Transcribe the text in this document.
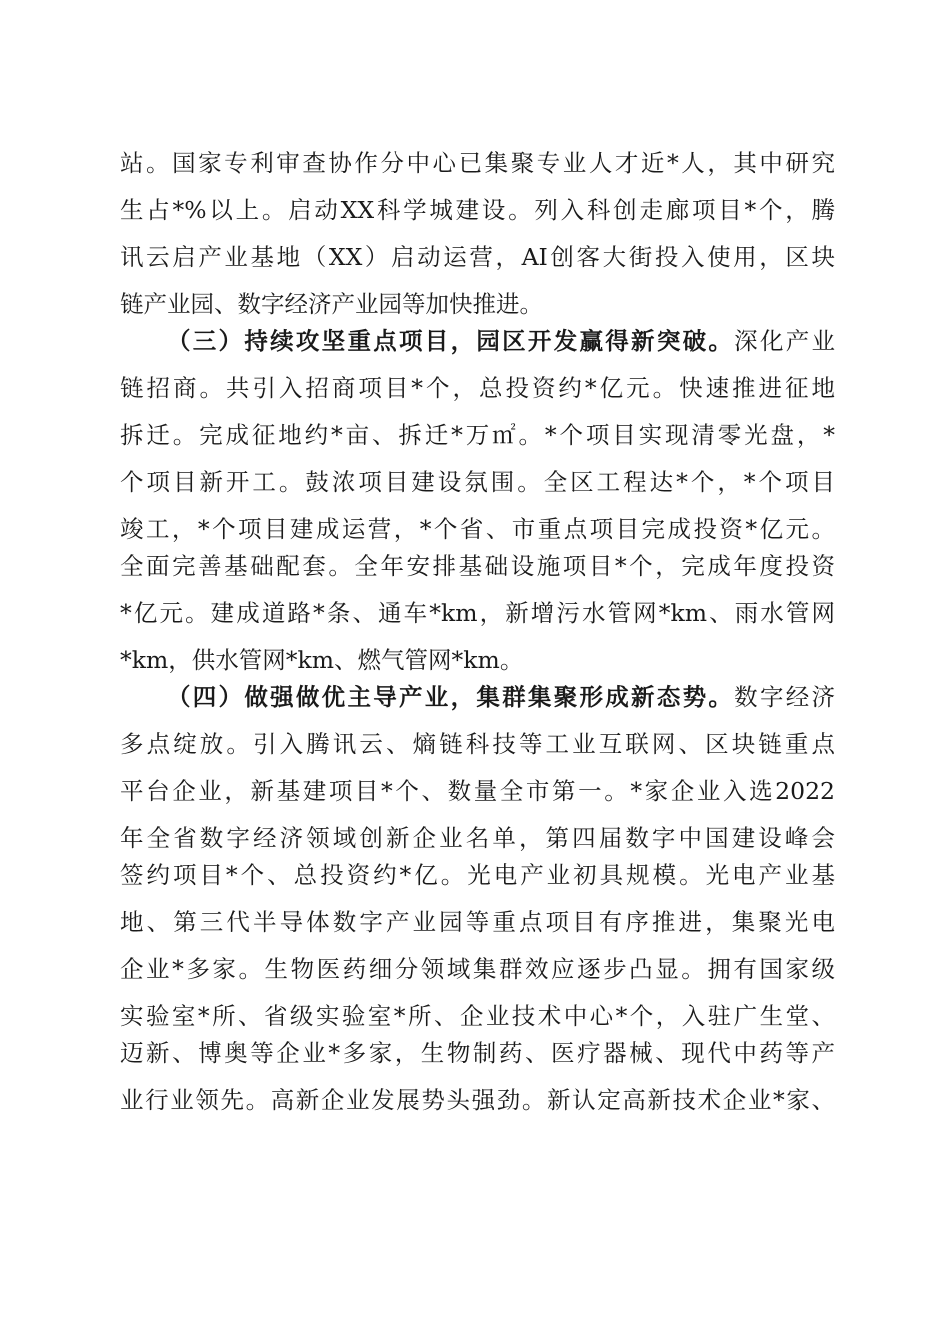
站。国家专利审查协作分中心已集聚专业人才近*人，其中研究
生占*%以上。启动XX科学城建设。列入科创走廊项目*个，腾
讯云启产业基地（XX）启动运营，AI创客大街投入使用，区块
链产业园、数字经济产业园等加快推进。
（三）持续攻坚重点项目，园区开发赢得新突破。深化产业
链招商。共引入招商项目*个，总投资约*亿元。快速推进征地
拆迁。完成征地约*亩、拆迁*万㎡。*个项目实现清零光盘，*
个项目新开工。鼓浓项目建设氛围。全区工程达*个，*个项目
竣工，*个项目建成运营，*个省、市重点项目完成投资*亿元。
全面完善基础配套。全年安排基础设施项目*个，完成年度投资
*亿元。建成道路*条、通车*km，新增污水管网*km、雨水管网
*km，供水管网*km、燃气管网*km。
（四）做强做优主导产业，集群集聚形成新态势。数字经济
多点绽放。引入腾讯云、熵链科技等工业互联网、区块链重点
平台企业，新基建项目*个、数量全市第一。*家企业入选2022
年全省数字经济领域创新企业名单，第四届数字中国建设峰会
签约项目*个、总投资约*亿。光电产业初具规模。光电产业基
地、第三代半导体数字产业园等重点项目有序推进，集聚光电
企业*多家。生物医药细分领域集群效应逐步凸显。拥有国家级
实验室*所、省级实验室*所、企业技术中心*个，入驻广生堂、
迈新、博奥等企业*多家，生物制药、医疗器械、现代中药等产
业行业领先。高新企业发展势头强劲。新认定高新技术企业*家、
